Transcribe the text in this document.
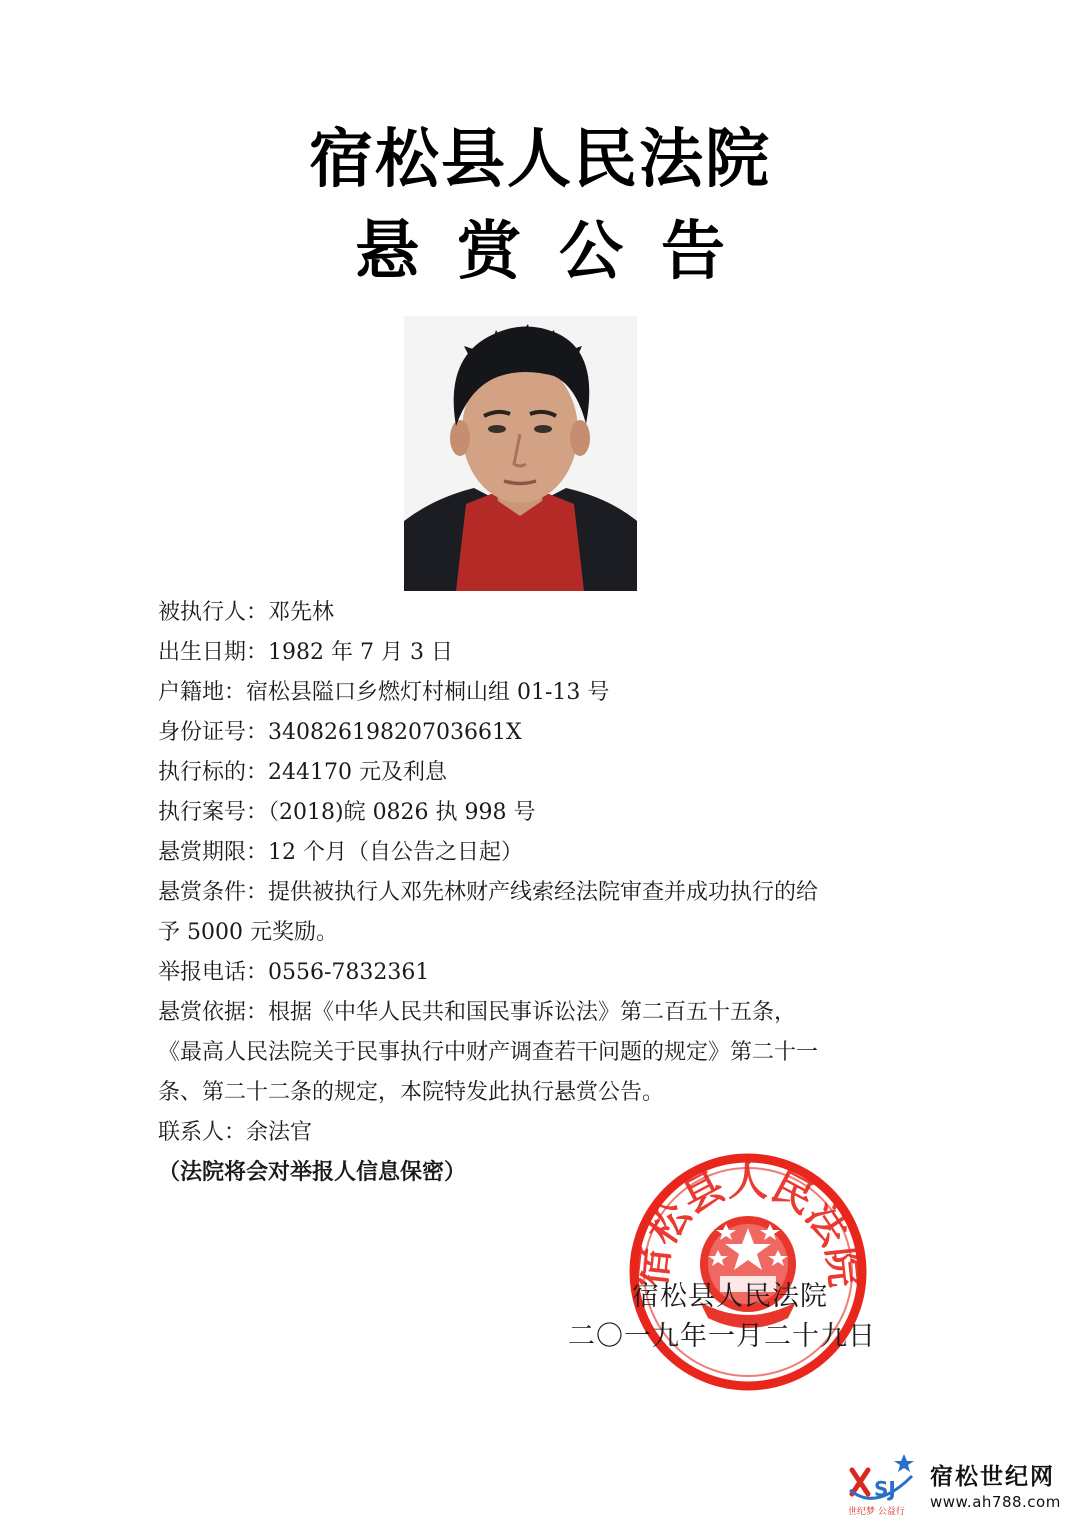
宿松县人民法院
悬赏公告
被执行人：邓先林
出生日期：1982 年 7 月 3 日
户籍地：宿松县隘口乡燃灯村桐山组 01-13 号
身份证号：34082619820703661X
执行标的：244170 元及利息
执行案号：（2018)皖 0826 执 998 号
悬赏期限：12 个月（自公告之日起）
悬赏条件：提供被执行人邓先林财产线索经法院审查并成功执行的给
予 5000 元奖励。
举报电话：0556-7832361
悬赏依据：根据《中华人民共和国民事诉讼法》第二百五十五条，
《最高人民法院关于民事执行中财产调查若干问题的规定》第二十一
条、第二十二条的规定，本院特发此执行悬赏公告。
联系人：余法官
（法院将会对举报人信息保密）
宿松县人民法院
宿松县人民法院
二〇一九年一月二十九日
SJ
世纪梦 公益行
宿松世纪网
www.ah788.com
